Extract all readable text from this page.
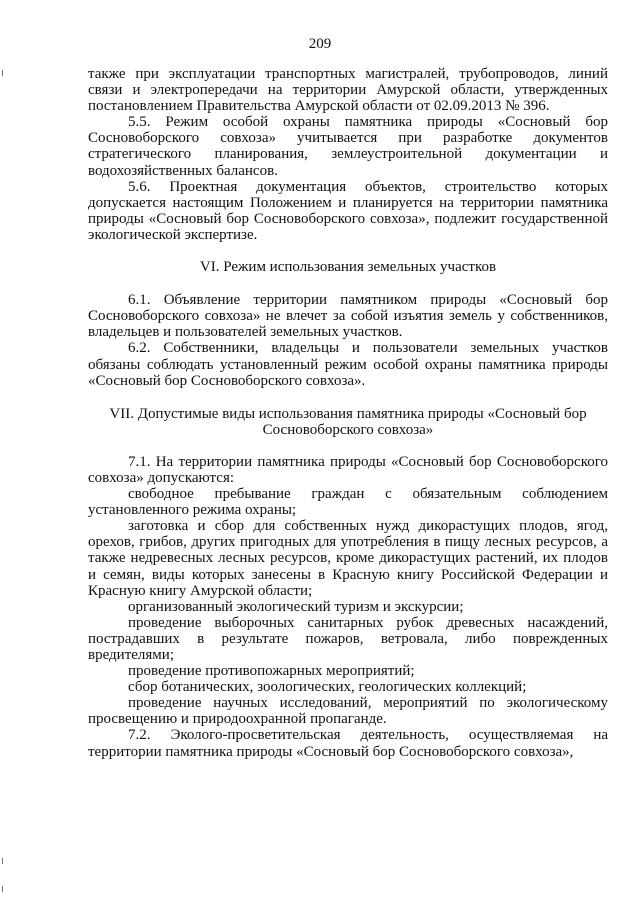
209

также при эксплуатации транспортных магистралей, трубопроводов, линий связи и электропередачи на территории Амурской области, утвержденных постановлением Правительства Амурской области от 02.09.2013 № 396.

5.5. Режим особой охраны памятника природы «Сосновый бор Сосновоборского совхоза» учитывается при разработке документов стратегического планирования, землеустроительной документации и водохозяйственных балансов.

5.6. Проектная документация объектов, строительство которых допускается настоящим Положением и планируется на территории памятника природы «Сосновый бор Сосновоборского совхоза», подлежит государственной экологической экспертизе.

VI. Режим использования земельных участков

6.1. Объявление территории памятником природы «Сосновый бор Сосновоборского совхоза» не влечет за собой изъятия земель у собственников, владельцев и пользователей земельных участков.

6.2. Собственники, владельцы и пользователи земельных участков обязаны соблюдать установленный режим особой охраны памятника природы «Сосновый бор Сосновоборского совхоза».

VII. Допустимые виды использования памятника природы «Сосновый бор Сосновоборского совхоза»

7.1. На территории памятника природы «Сосновый бор Сосновоборского совхоза» допускаются:

свободное пребывание граждан с обязательным соблюдением установленного режима охраны;

заготовка и сбор для собственных нужд дикорастущих плодов, ягод, орехов, грибов, других пригодных для употребления в пищу лесных ресурсов, а также недревесных лесных ресурсов, кроме дикорастущих растений, их плодов и семян, виды которых занесены в Красную книгу Российской Федерации и Красную книгу Амурской области;

организованный экологический туризм и экскурсии;

проведение выборочных санитарных рубок древесных насаждений, пострадавших в результате пожаров, ветровала, либо поврежденных вредителями;

проведение противопожарных мероприятий;

сбор ботанических, зоологических, геологических коллекций;

проведение научных исследований, мероприятий по экологическому просвещению и природоохранной пропаганде.

7.2. Эколого-просветительская деятельность, осуществляемая на территории памятника природы «Сосновый бор Сосновоборского совхоза»,
